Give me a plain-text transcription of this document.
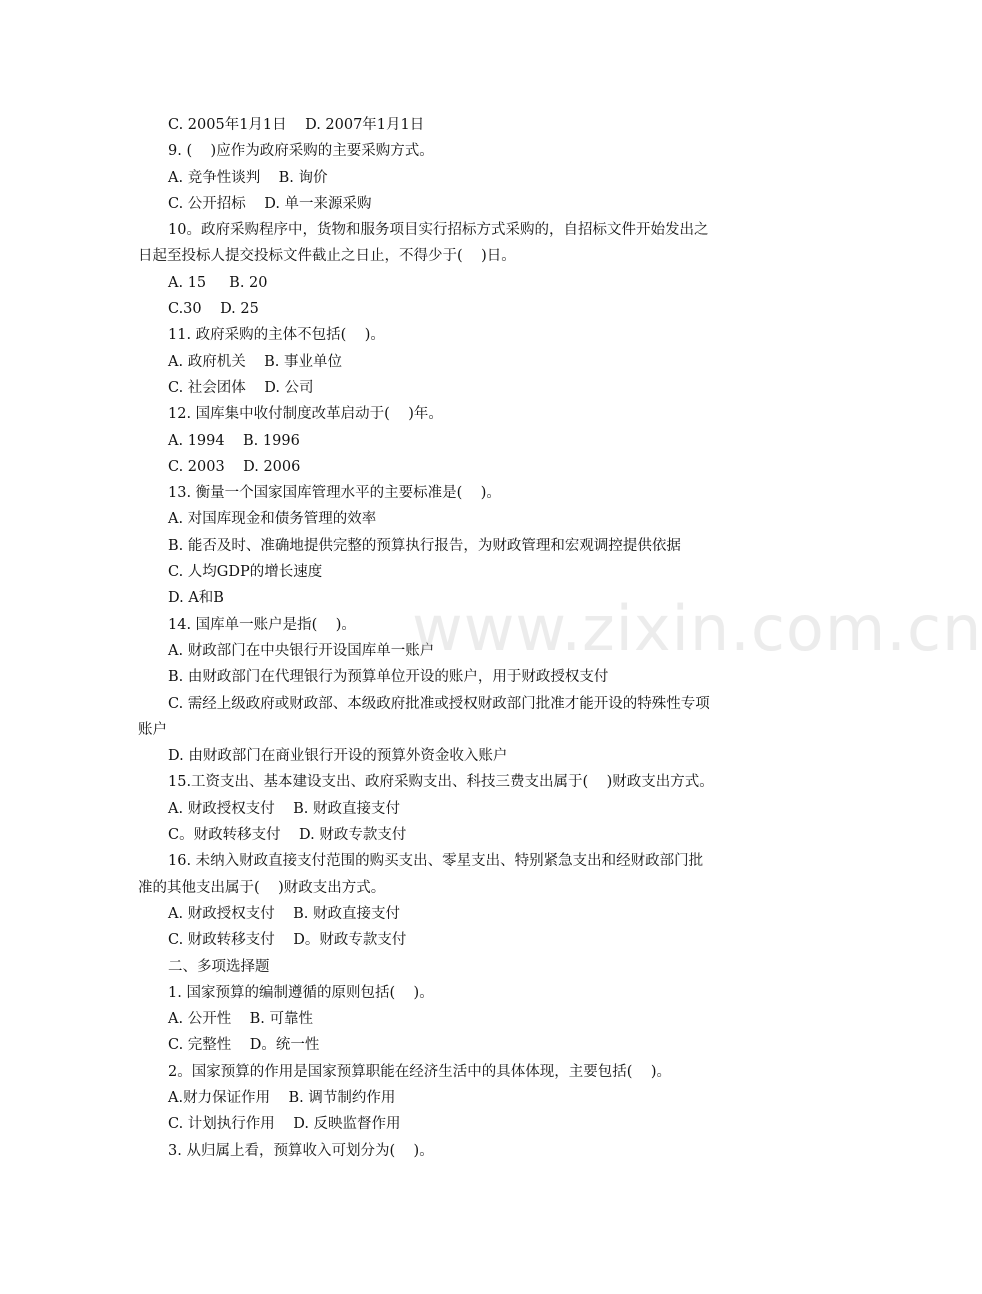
C. 2005年1月1日    D. 2007年1月1日
9. (    )应作为政府采购的主要采购方式。
A. 竞争性谈判    B. 询价
C. 公开招标    D. 单一来源采购
10。政府采购程序中，货物和服务项目实行招标方式采购的，自招标文件开始发出之
日起至投标人提交投标文件截止之日止，不得少于(    )日。
A. 15     B. 20
C.30    D. 25
11. 政府采购的主体不包括(    )。
A. 政府机关    B. 事业单位
C. 社会团体    D. 公司
12. 国库集中收付制度改革启动于(    )年。
A. 1994    B. 1996
C. 2003    D. 2006
13. 衡量一个国家国库管理水平的主要标准是(    )。
A. 对国库现金和债务管理的效率
B. 能否及时、准确地提供完整的预算执行报告，为财政管理和宏观调控提供依据
C. 人均GDP的增长速度
D. A和B
14. 国库单一账户是指(    )。
A. 财政部门在中央银行开设国库单一账户
B. 由财政部门在代理银行为预算单位开设的账户，用于财政授权支付
C. 需经上级政府或财政部、本级政府批准或授权财政部门批准才能开设的特殊性专项
账户
D. 由财政部门在商业银行开设的预算外资金收入账户
15.工资支出、基本建设支出、政府采购支出、科技三费支出属于(    )财政支出方式。
A. 财政授权支付    B. 财政直接支付
C。财政转移支付    D. 财政专款支付
16. 未纳入财政直接支付范围的购买支出、零星支出、特别紧急支出和经财政部门批
准的其他支出属于(    )财政支出方式。
A. 财政授权支付    B. 财政直接支付
C. 财政转移支付    D。财政专款支付
二、多项选择题
1. 国家预算的编制遵循的原则包括(    )。
A. 公开性    B. 可靠性
C. 完整性    D。统一性
2。国家预算的作用是国家预算职能在经济生活中的具体体现，主要包括(    )。
A.财力保证作用    B. 调节制约作用
C. 计划执行作用    D. 反映监督作用
3. 从归属上看，预算收入可划分为(    )。
www.zixin.com.cn
